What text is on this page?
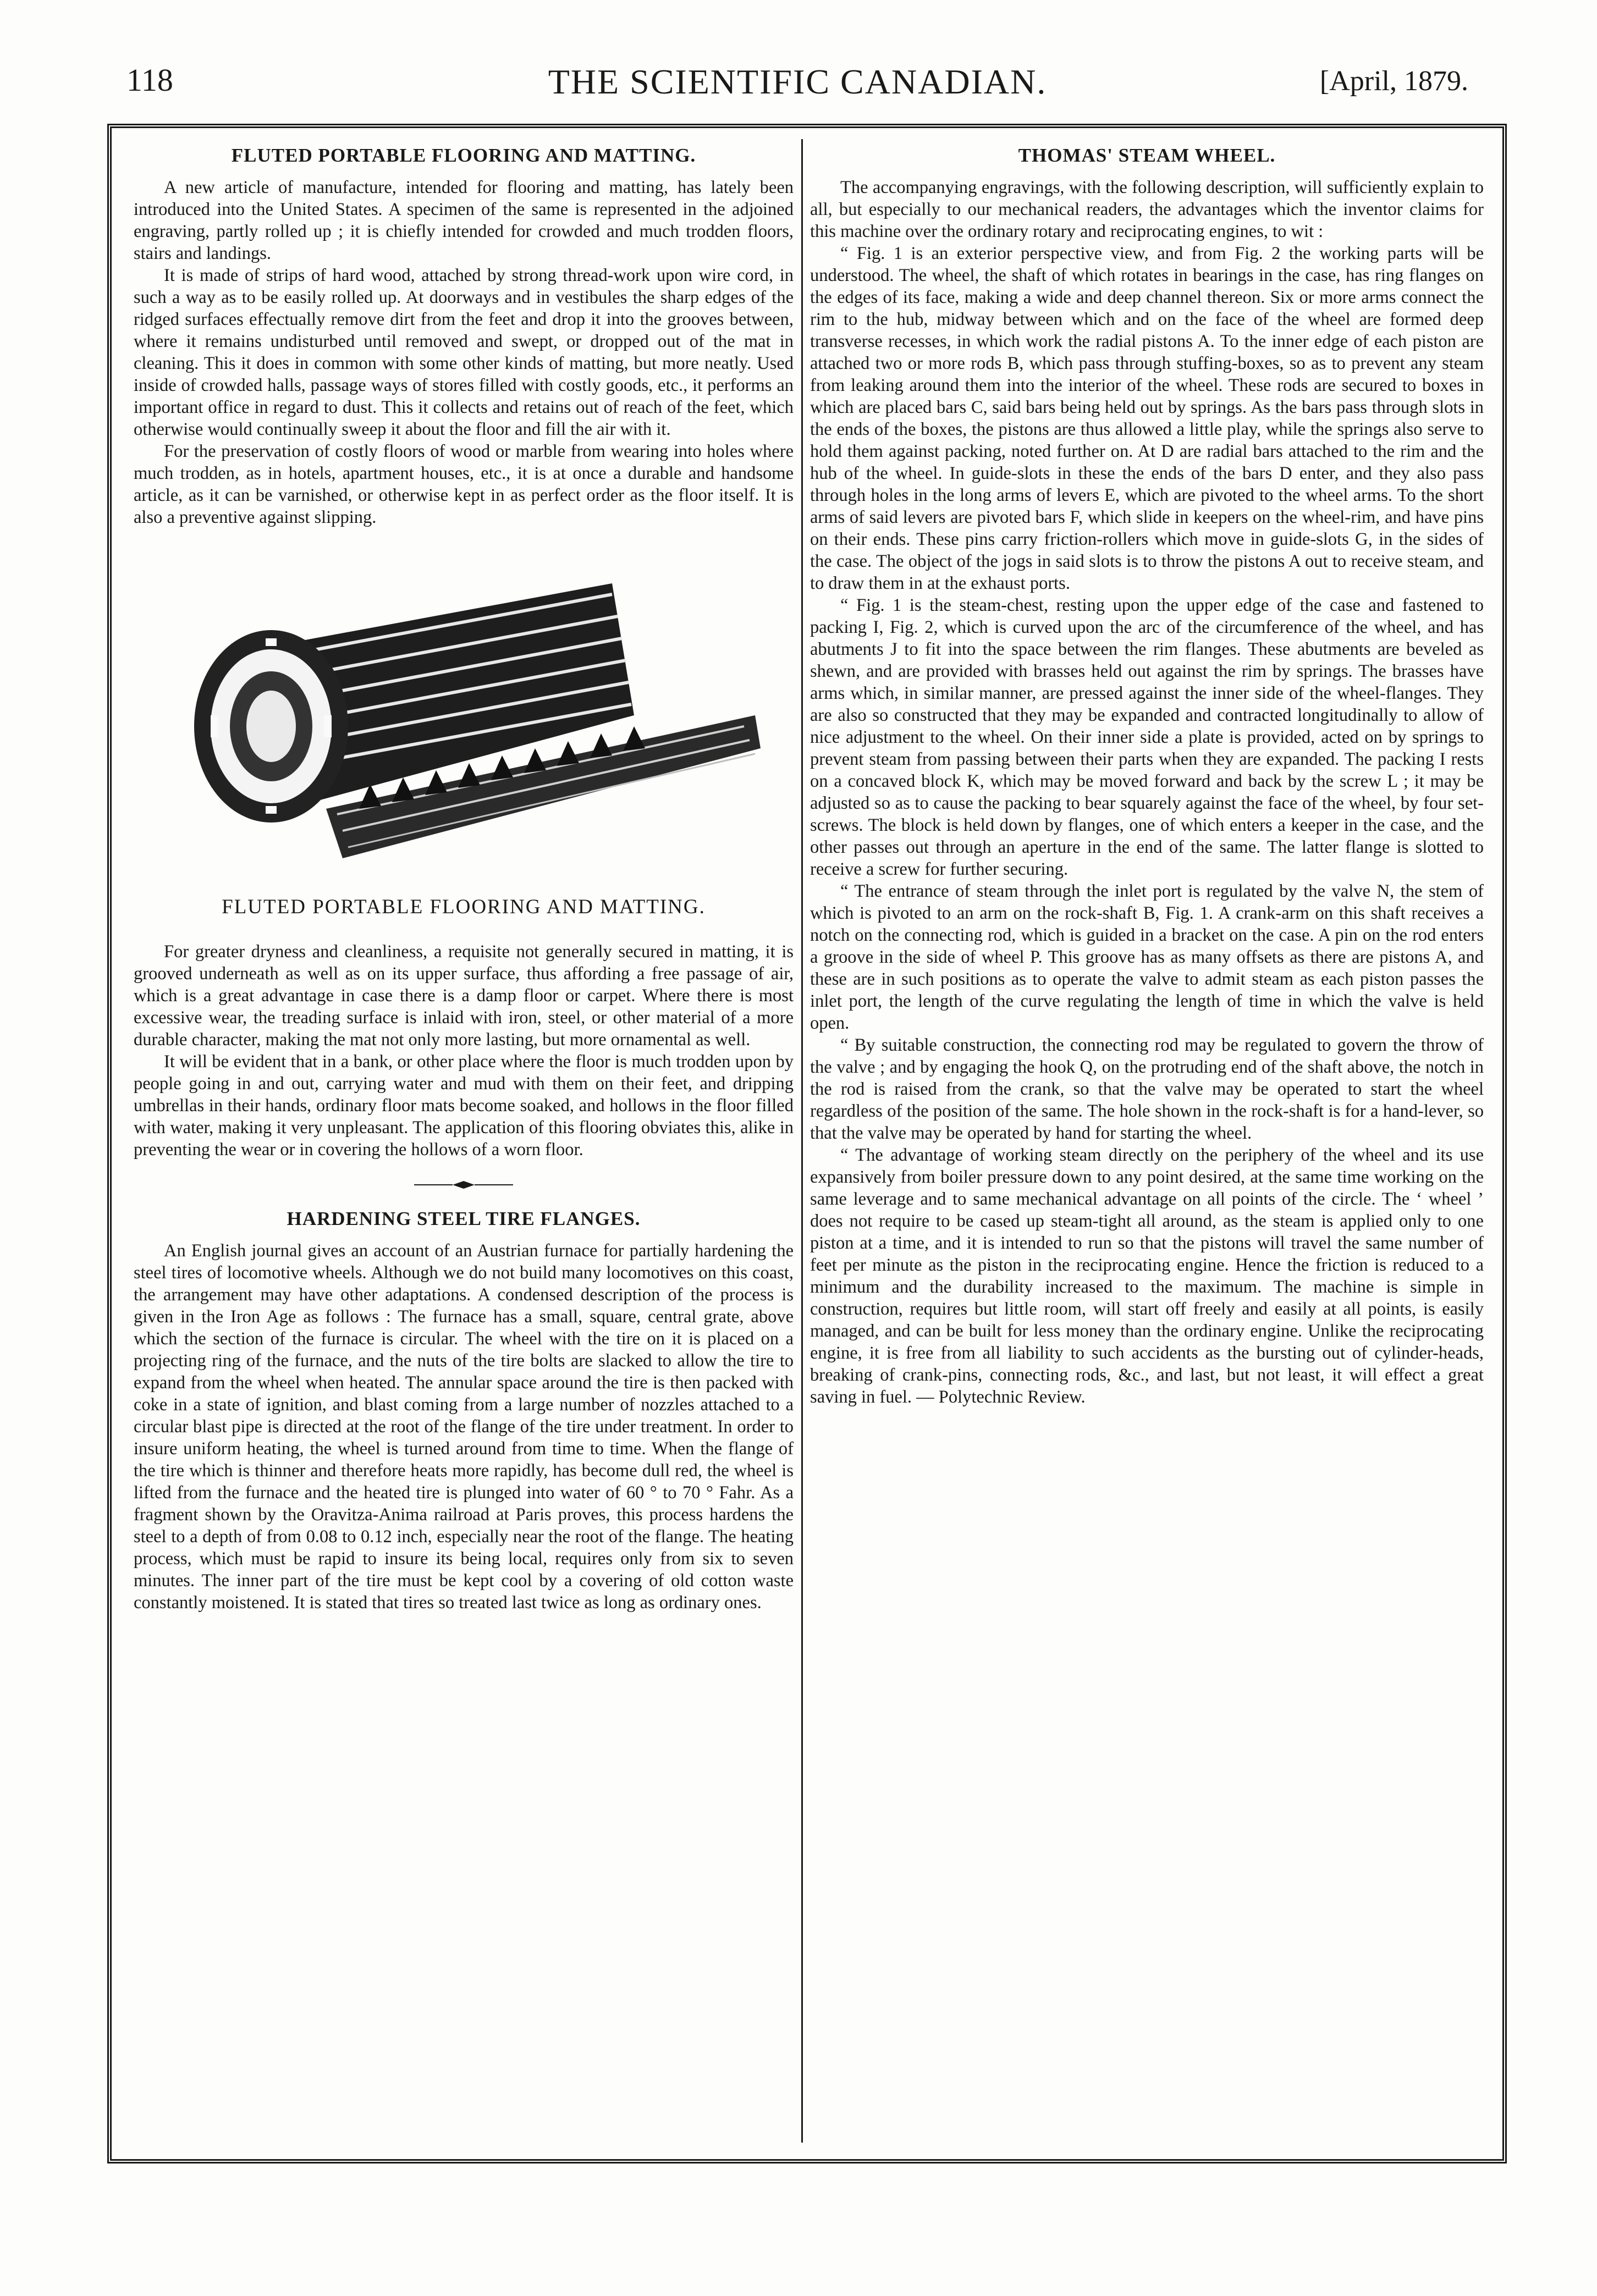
118	THE SCIENTIFIC CANADIAN.	[April, 1879.
FLUTED PORTABLE FLOORING AND MATTING.

A new article of manufacture, intended for flooring and matting, has lately been introduced into the United States. A specimen of the same is represented in the adjoined engraving, partly rolled up ; it is chiefly intended for crowded and much trodden floors, stairs and landings.

It is made of strips of hard wood, attached by strong thread-work upon wire cord, in such a way as to be easily rolled up. At doorways and in vestibules the sharp edges of the ridged surfaces effectually remove dirt from the feet and drop it into the grooves between, where it remains undisturbed until removed and swept, or dropped out of the mat in cleaning. This it does in common with some other kinds of matting, but more neatly. Used inside of crowded halls, passage ways of stores filled with costly goods, etc., it performs an important office in regard to dust. This it collects and retains out of reach of the feet, which otherwise would continually sweep it about the floor and fill the air with it.

For the preservation of costly floors of wood or marble from wearing into holes where much trodden, as in hotels, apartment houses, etc., it is at once a durable and handsome article, as it can be varnished, or otherwise kept in as perfect order as the floor itself. It is also a preventive against slipping.

FLUTED PORTABLE FLOORING AND MATTING.

For greater dryness and cleanliness, a requisite not generally secured in matting, it is grooved underneath as well as on its upper surface, thus affording a free passage of air, which is a great advantage in case there is a damp floor or carpet. Where there is most excessive wear, the treading surface is inlaid with iron, steel, or other material of a more durable character, making the mat not only more lasting, but more ornamental as well.

It will be evident that in a bank, or other place where the floor is much trodden upon by people going in and out, carrying water and mud with them on their feet, and dripping umbrellas in their hands, ordinary floor mats become soaked, and hollows in the floor filled with water, making it very unpleasant. The application of this flooring obviates this, alike in preventing the wear or in covering the hollows of a worn floor.

HARDENING STEEL TIRE FLANGES.

An English journal gives an account of an Austrian furnace for partially hardening the steel tires of locomotive wheels. Although we do not build many locomotives on this coast, the arrangement may have other adaptations. A condensed description of the process is given in the Iron Age as follows : The furnace has a small, square, central grate, above which the section of the furnace is circular. The wheel with the tire on it is placed on a projecting ring of the furnace, and the nuts of the tire bolts are slacked to allow the tire to expand from the wheel when heated. The annular space around the tire is then packed with coke in a state of ignition, and blast coming from a large number of nozzles attached to a circular blast pipe is directed at the root of the flange of the tire under treatment. In order to insure uniform heating, the wheel is turned around from time to time. When the flange of the tire which is thinner and therefore heats more rapidly, has become dull red, the wheel is lifted from the furnace and the heated tire is plunged into water of 60 ° to 70 ° Fahr. As a fragment shown by the Oravitza-Anima railroad at Paris proves, this process hardens the steel to a depth of from 0.08 to 0.12 inch, especially near the root of the flange. The heating process, which must be rapid to insure its being local, requires only from six to seven minutes. The inner part of the tire must be kept cool by a covering of old cotton waste constantly moistened. It is stated that tires so treated last twice as long as ordinary ones.

THOMAS' STEAM WHEEL.

The accompanying engravings, with the following description, will sufficiently explain to all, but especially to our mechanical readers, the advantages which the inventor claims for this machine over the ordinary rotary and reciprocating engines, to wit :

“ Fig. 1 is an exterior perspective view, and from Fig. 2 the working parts will be understood. The wheel, the shaft of which rotates in bearings in the case, has ring flanges on the edges of its face, making a wide and deep channel thereon. Six or more arms connect the rim to the hub, midway between which and on the face of the wheel are formed deep transverse recesses, in which work the radial pistons A. To the inner edge of each piston are attached two or more rods B, which pass through stuffing-boxes, so as to prevent any steam from leaking around them into the interior of the wheel. These rods are secured to boxes in which are placed bars C, said bars being held out by springs. As the bars pass through slots in the ends of the boxes, the pistons are thus allowed a little play, while the springs also serve to hold them against packing, noted further on. At D are radial bars attached to the rim and the hub of the wheel. In guide-slots in these the ends of the bars D enter, and they also pass through holes in the long arms of levers E, which are pivoted to the wheel arms. To the short arms of said levers are pivoted bars F, which slide in keepers on the wheel-rim, and have pins on their ends. These pins carry friction-rollers which move in guide-slots G, in the sides of the case. The object of the jogs in said slots is to throw the pistons A out to receive steam, and to draw them in at the exhaust ports.

“ Fig. 1 is the steam-chest, resting upon the upper edge of the case and fastened to packing I, Fig. 2, which is curved upon the arc of the circumference of the wheel, and has abutments J to fit into the space between the rim flanges. These abutments are beveled as shewn, and are provided with brasses held out against the rim by springs. The brasses have arms which, in similar manner, are pressed against the inner side of the wheel-flanges. They are also so constructed that they may be expanded and contracted longitudinally to allow of nice adjustment to the wheel. On their inner side a plate is provided, acted on by springs to prevent steam from passing between their parts when they are expanded. The packing I rests on a concaved block K, which may be moved forward and back by the screw L ; it may be adjusted so as to cause the packing to bear squarely against the face of the wheel, by four set-screws. The block is held down by flanges, one of which enters a keeper in the case, and the other passes out through an aperture in the end of the same. The latter flange is slotted to receive a screw for further securing.

“ The entrance of steam through the inlet port is regulated by the valve N, the stem of which is pivoted to an arm on the rock-shaft B, Fig. 1. A crank-arm on this shaft receives a notch on the connecting rod, which is guided in a bracket on the case. A pin on the rod enters a groove in the side of wheel P. This groove has as many offsets as there are pistons A, and these are in such positions as to operate the valve to admit steam as each piston passes the inlet port, the length of the curve regulating the length of time in which the valve is held open.

“ By suitable construction, the connecting rod may be regulated to govern the throw of the valve ; and by engaging the hook Q, on the protruding end of the shaft above, the notch in the rod is raised from the crank, so that the valve may be operated to start the wheel regardless of the position of the same. The hole shown in the rock-shaft is for a hand-lever, so that the valve may be operated by hand for starting the wheel.

“ The advantage of working steam directly on the periphery of the wheel and its use expansively from boiler pressure down to any point desired, at the same time working on the same leverage and to same mechanical advantage on all points of the circle. The ‘ wheel ’ does not require to be cased up steam-tight all around, as the steam is applied only to one piston at a time, and it is intended to run so that the pistons will travel the same number of feet per minute as the piston in the reciprocating engine. Hence the friction is reduced to a minimum and the durability increased to the maximum. The machine is simple in construction, requires but little room, will start off freely and easily at all points, is easily managed, and can be built for less money than the ordinary engine. Unlike the reciprocating engine, it is free from all liability to such accidents as the bursting out of cylinder-heads, breaking of crank-pins, connecting rods, &c., and last, but not least, it will effect a great saving in fuel. — Polytechnic Review.
